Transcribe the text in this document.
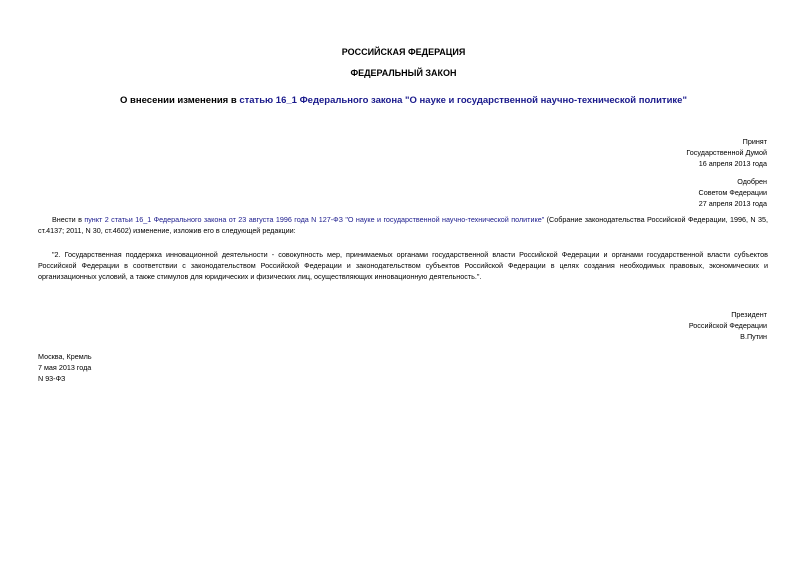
РОССИЙСКАЯ ФЕДЕРАЦИЯ
ФЕДЕРАЛЬНЫЙ ЗАКОН
О внесении изменения в статью 16_1 Федерального закона "О науке и государственной научно-технической политике"
Принят
Государственной Думой
16 апреля 2013 года
Одобрен
Советом Федерации
27 апреля 2013 года
Внести в пункт 2 статьи 16_1 Федерального закона от 23 августа 1996 года N 127-ФЗ "О науке и государственной научно-технической политике" (Собрание законодательства Российской Федерации, 1996, N 35, ст.4137; 2011, N 30, ст.4602) изменение, изложив его в следующей редакции:
"2. Государственная поддержка инновационной деятельности - совокупность мер, принимаемых органами государственной власти Российской Федерации и органами государственной власти субъектов Российской Федерации в соответствии с законодательством Российской Федерации и законодательством субъектов Российской Федерации в целях создания необходимых правовых, экономических и организационных условий, а также стимулов для юридических и физических лиц, осуществляющих инновационную деятельность.".
Президент
Российской Федерации
В.Путин
Москва, Кремль
7 мая 2013 года
N 93-ФЗ
